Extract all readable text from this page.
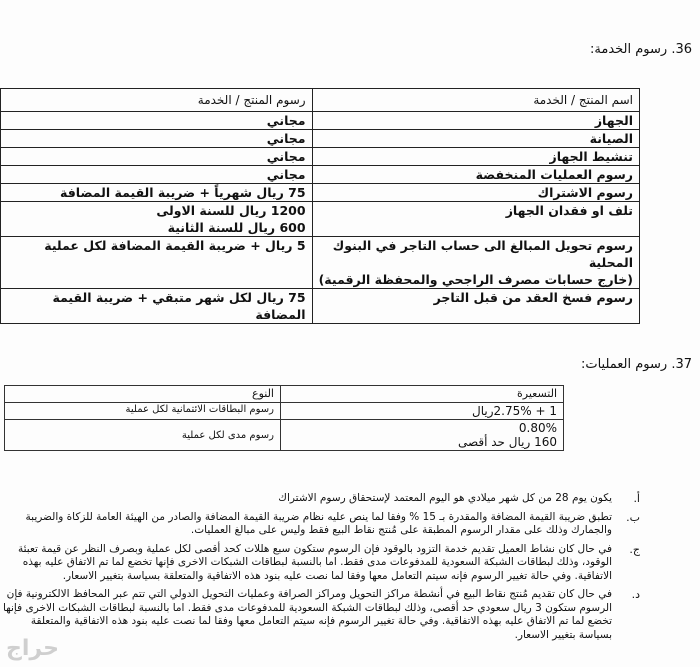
36. رسوم الخدمة:
اسم المنتج / الخدمة	رسوم المنتج / الخدمة
الجهاز	مجاني
الصيانة	مجاني
تنشيط الجهاز	مجاني
رسوم العمليات المنخفضة	مجاني
رسوم الاشتراك	75 ريال شهرياً + ضريبة القيمة المضافة
تلف او فقدان الجهاز	1200 ريال للسنة الاولى
600 ريال للسنة الثانية

رسوم تحويل المبالغ الى حساب التاجر في البنوك المحلية
(خارج حسابات مصرف الراجحي والمحفظة الرقمية)	5 ريال + ضريبة القيمة المضافة لكل عملية
رسوم فسخ العقد من قبل التاجر	75 ريال لكل شهر متبقي + ضريبة القيمة المضافة
37. رسوم العمليات:
التسعيرة	النوع
1 + 2.75%ريال	رسوم البطاقات الائتمانية لكل عملية

0.80%
160 ريال حد أقصى	رسوم مدى لكل عملية
أ.
يكون يوم 28 من كل شهر ميلادي هو اليوم المعتمد لإستحقاق رسوم الاشتراك
ب.
تطبق ضريبة القيمة المضافة والمقدرة بـ 15 % وفقا لما ينص عليه نظام ضريبة القيمة المضافة والصادر من الهيئة العامة للزكاة والضريبة والجمارك وذلك على مقدار الرسوم المطبقة على مُنتج نقاط البيع فقط وليس على مبالغ العمليات.
ج.
في حال كان نشاط العميل تقديم خدمة التزود بالوقود فإن الرسوم ستكون سبع هللات كحد أقصى لكل عملية وبصرف النظر عن قيمة تعبئة الوقود، وذلك لبطاقات الشبكة السعودية للمدفوعات مدى فقط. اما بالنسبة لبطاقات الشبكات الاخرى فإنها تخضع لما تم الاتفاق عليه بهذه الاتفاقية. وفي حالة تغيير الرسوم فإنه سيتم التعامل معها وفقا لما نصت عليه بنود هذه الاتفاقية والمتعلقة بسياسة بتغيير الاسعار.
د.
في حال كان تقديم مُنتج نقاط البيع في أنشطة مراكز التحويل ومراكز الصرافة وعمليات التحويل الدولي التي تتم عبر المحافظ الالكترونية فإن الرسوم ستكون 3 ريال سعودي حد أقصى، وذلك لبطاقات الشبكة السعودية للمدفوعات مدى فقط. اما بالنسبة لبطاقات الشبكات الاخرى فإنها تخضع لما تم الاتفاق عليه بهذه الاتفاقية. وفي حالة تغيير الرسوم فإنه سيتم التعامل معها وفقا لما نصت عليه بنود هذه الاتفاقية والمتعلقة بسياسة بتغيير الاسعار.
حراج
